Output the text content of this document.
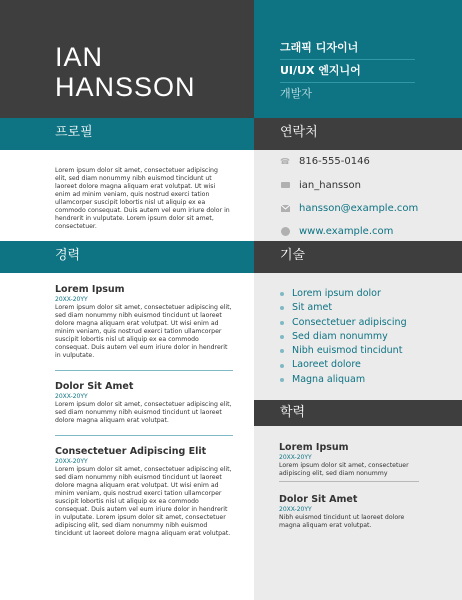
IAN
HANSSON
그래픽 디자이너
UI/UX 엔지니어
개발자
프로필	연락처
Lorem ipsum dolor sit amet, consectetuer adipiscing elit, sed diam nonummy nibh euismod tincidunt ut laoreet dolore magna aliquam erat volutpat. Ut wisi enim ad minim veniam, quis nostrud exerci tation ullamcorper suscipit lobortis nisl ut aliquip ex ea commodo consequat. Duis autem vel eum iriure dolor in hendrerit in vulputate. Lorem ipsum dolor sit amet, consectetuer.
☎ 816-555-0146
ian_hansson
hansson@example.com
www.example.com
경력	기술
Lorem Ipsum
20XX-20YY
Lorem ipsum dolor sit amet, consectetuer adipiscing elit, sed diam nonummy nibh euismod tincidunt ut laoreet dolore magna aliquam erat volutpat. Ut wisi enim ad minim veniam, quis nostrud exerci tation ullamcorper suscipit lobortis nisl ut aliquip ex ea commodo consequat. Duis autem vel eum iriure dolor in hendrerit in vulputate.
Dolor Sit Amet
20XX-20YY
Lorem ipsum dolor sit amet, consectetuer adipiscing elit, sed diam nonummy nibh euismod tincidunt ut laoreet dolore magna aliquam erat volutpat.
Consectetuer Adipiscing Elit
20XX-20YY
Lorem ipsum dolor sit amet, consectetuer adipiscing elit, sed diam nonummy nibh euismod tincidunt ut laoreet dolore magna aliquam erat volutpat. Ut wisi enim ad minim veniam, quis nostrud exerci tation ullamcorper suscipit lobortis nisl ut aliquip ex ea commodo consequat. Duis autem vel eum iriure dolor in hendrerit in vulputate. Lorem ipsum dolor sit amet, consectetuer adipiscing elit, sed diam nonummy nibh euismod tincidunt ut laoreet dolore magna aliquam erat volutpat.
Lorem ipsum dolor
Sit amet
Consectetuer adipiscing
Sed diam nonummy
Nibh euismod tincidunt
Laoreet dolore
Magna aliquam
학력
Lorem Ipsum
20XX-20YY
Lorem ipsum dolor sit amet, consectetuer adipiscing elit, sed diam nonummy
Dolor Sit Amet
20XX-20YY
Nibh euismod tincidunt ut laoreet dolore magna aliquam erat volutpat.
